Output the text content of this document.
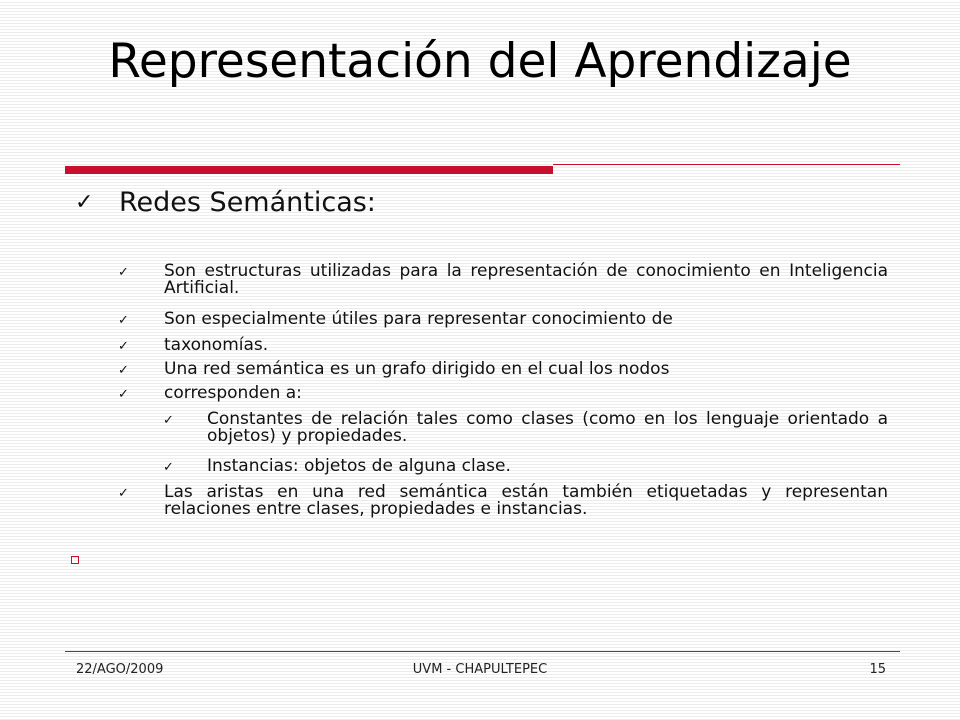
Representación del Aprendizaje
✓ Redes Semánticas:
✓ Son estructuras utilizadas para la representación de conocimiento en Inteligencia Artificial.
✓ Son especialmente útiles para representar conocimiento de
✓ taxonomías.
✓ Una red semántica es un grafo dirigido en el cual los nodos
✓ corresponden a:
✓ Constantes de relación tales como clases (como en los lenguaje orientado a objetos) y propiedades.
✓ Instancias: objetos de alguna clase.
✓ Las aristas en una red semántica están también etiquetadas y representan relaciones entre clases, propiedades e instancias.
22/AGO/2009	UVM - CHAPULTEPEC	15
